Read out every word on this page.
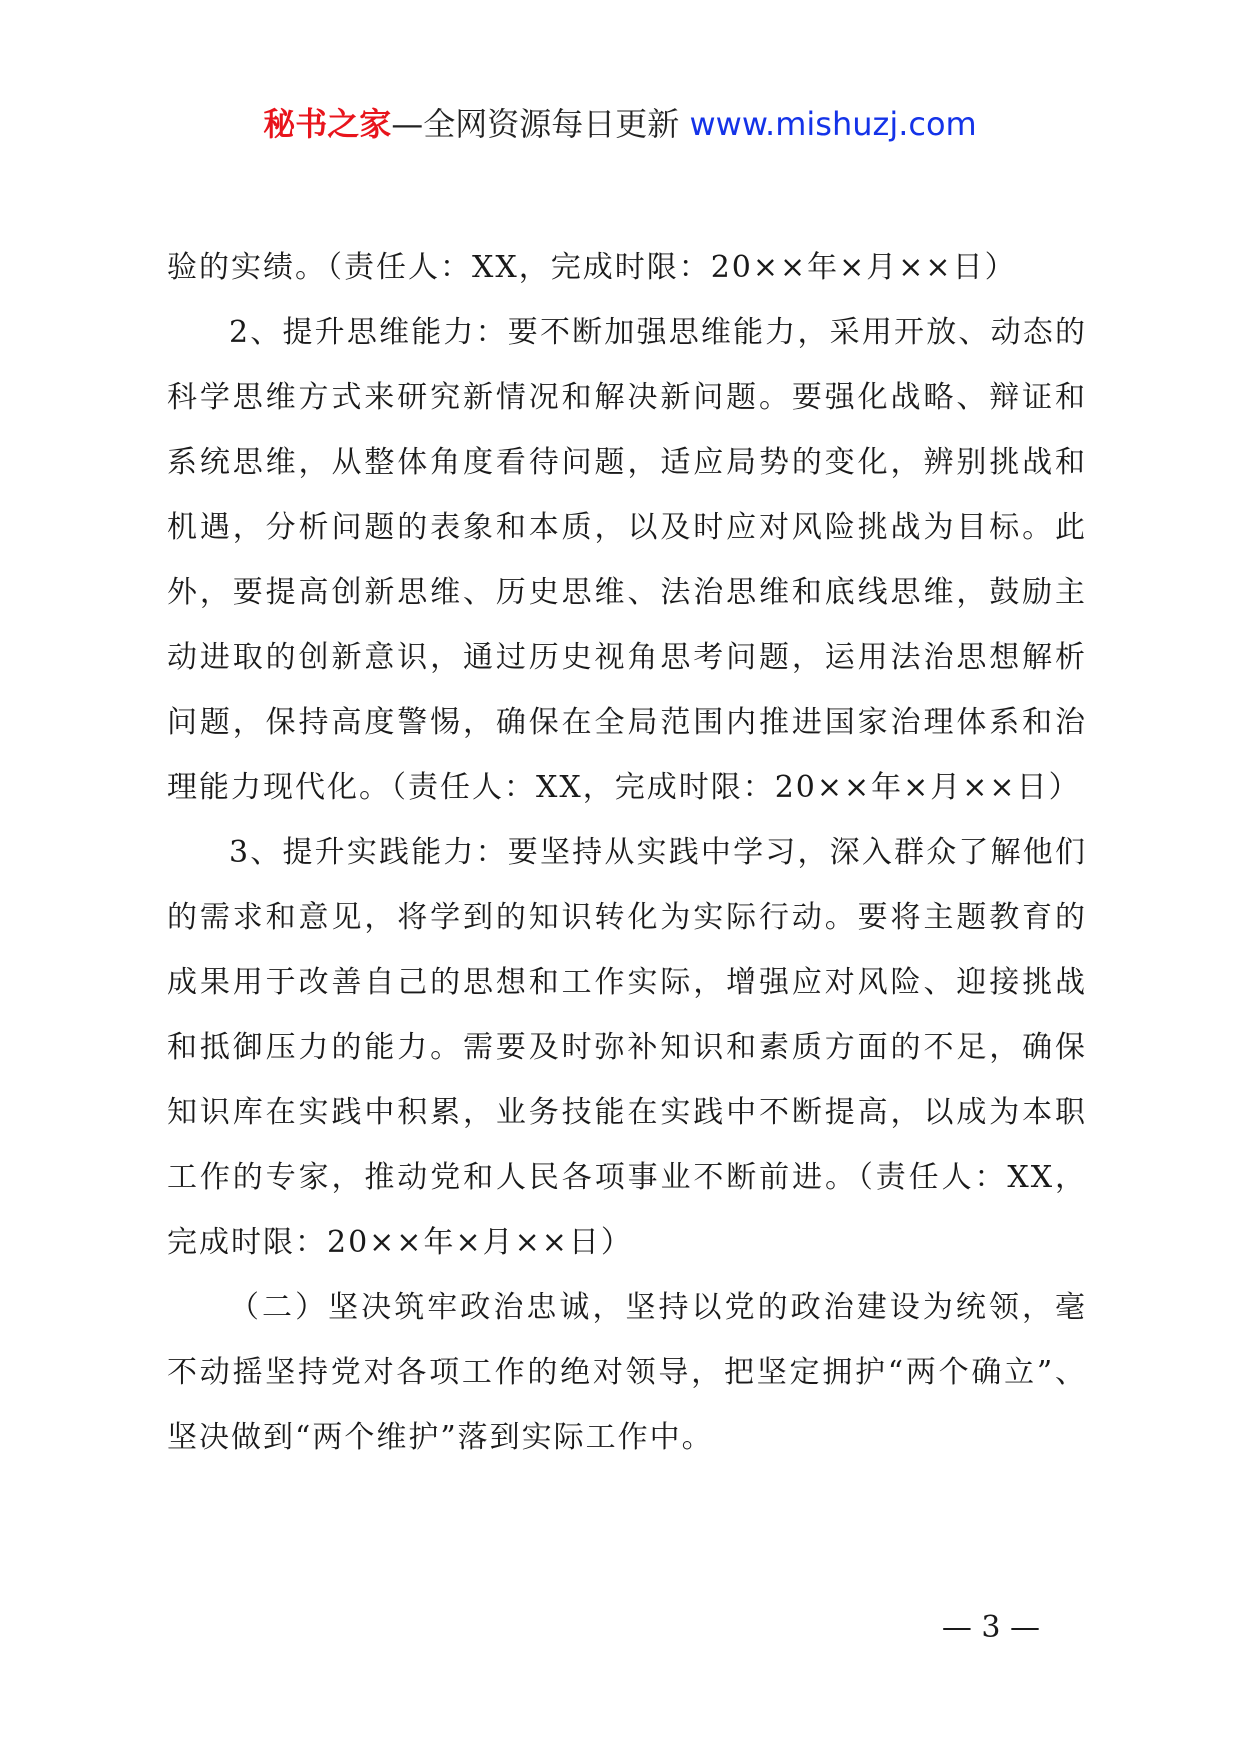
秘书之家—全网资源每日更新 www.mishuzj.com

验的实绩。（责任人：XX，完成时限：20××年×月××日）

2、提升思维能力：要不断加强思维能力，采用开放、动态的科学思维方式来研究新情况和解决新问题。要强化战略、辩证和系统思维，从整体角度看待问题，适应局势的变化，辨别挑战和机遇，分析问题的表象和本质，以及时应对风险挑战为目标。此外，要提高创新思维、历史思维、法治思维和底线思维，鼓励主动进取的创新意识，通过历史视角思考问题，运用法治思想解析问题，保持高度警惕，确保在全局范围内推进国家治理体系和治理能力现代化。（责任人：XX，完成时限：20××年×月××日）

3、提升实践能力：要坚持从实践中学习，深入群众了解他们的需求和意见，将学到的知识转化为实际行动。要将主题教育的成果用于改善自己的思想和工作实际，增强应对风险、迎接挑战和抵御压力的能力。需要及时弥补知识和素质方面的不足，确保知识库在实践中积累，业务技能在实践中不断提高，以成为本职工作的专家，推动党和人民各项事业不断前进。（责任人：XX，完成时限：20××年×月××日）

（二）坚决筑牢政治忠诚，坚持以党的政治建设为统领，毫不动摇坚持党对各项工作的绝对领导，把坚定拥护“两个确立”、坚决做到“两个维护”落到实际工作中。

— 3 —
